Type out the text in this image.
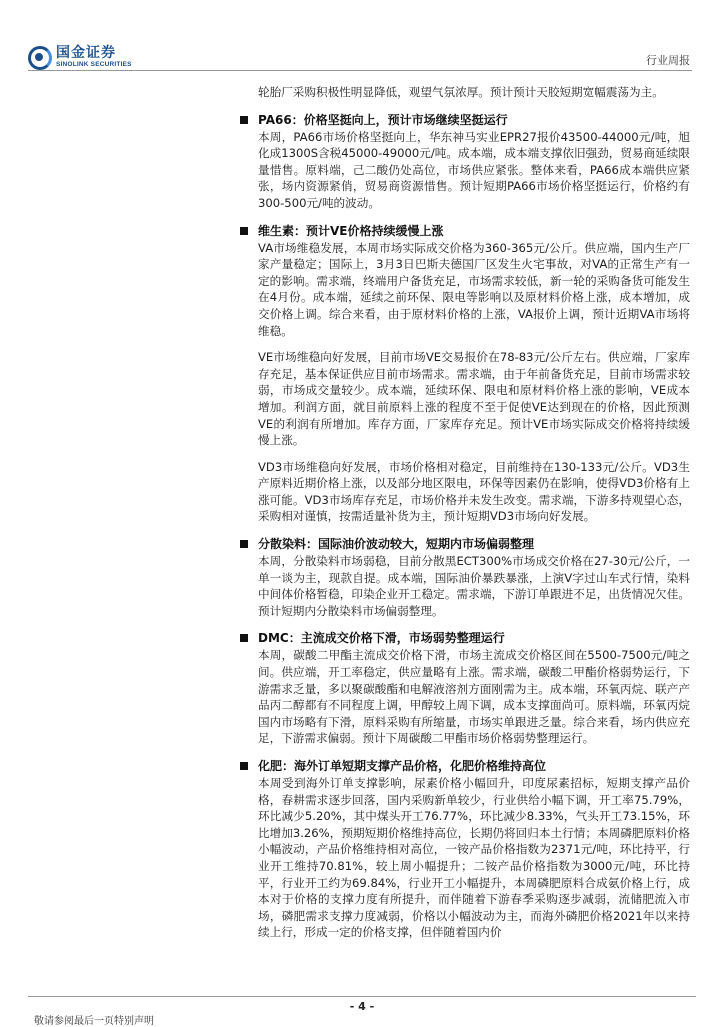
国金证券
SINOLINK SECURITIES	行业周报

轮胎厂采购积极性明显降低，观望气氛浓厚。预计预计天胶短期宽幅震荡为主。

PA66：价格坚挺向上，预计市场继续坚挺运行

本周，PA66市场价格坚挺向上，华东神马实业EPR27报价43500-44000元/吨，旭化成1300S含税45000-49000元/吨。成本端，成本端支撑依旧强劲，贸易商延续限量惜售。原料端，己二酸仍处高位，市场供应紧张。整体来看，PA66成本端供应紧张，场内资源紧俏，贸易商资源惜售。预计短期PA66市场价格坚挺运行，价格约有300-500元/吨的波动。

维生素：预计VE价格持续缓慢上涨

VA市场维稳发展，本周市场实际成交价格为360-365元/公斤。供应端，国内生产厂家产量稳定；国际上，3月3日巴斯夫德国厂区发生火宅事故，对VA的正常生产有一定的影响。需求端，终端用户备货充足，市场需求较低，新一轮的采购备货可能发生在4月份。成本端，延续之前环保、限电等影响以及原材料价格上涨，成本增加，成交价格上调。综合来看，由于原材料价格的上涨，VA报价上调，预计近期VA市场将维稳。

VE市场维稳向好发展，目前市场VE交易报价在78-83元/公斤左右。供应端，厂家库存充足，基本保证供应目前市场需求。需求端，由于年前备货充足，目前市场需求较弱，市场成交量较少。成本端，延续环保、限电和原材料价格上涨的影响，VE成本增加。利润方面，就目前原料上涨的程度不至于促使VE达到现在的价格，因此预测VE的利润有所增加。库存方面，厂家库存充足。预计VE市场实际成交价格将持续缓慢上涨。

VD3市场维稳向好发展，市场价格相对稳定，目前维持在130-133元/公斤。VD3生产原料近期价格上涨，以及部分地区限电，环保等因素仍在影响，使得VD3价格有上涨可能。VD3市场库存充足，市场价格并未发生改变。需求端，下游多持观望心态，采购相对谨慎，按需适量补货为主，预计短期VD3市场向好发展。

分散染料：国际油价波动较大，短期内市场偏弱整理

本周，分散染料市场弱稳，目前分散黑ECT300%市场成交价格在27-30元/公斤，一单一谈为主，现款自提。成本端，国际油价暴跌暴涨，上演V字过山车式行情，染料中间体价格暂稳，印染企业开工稳定。需求端，下游订单跟进不足，出货情况欠佳。预计短期内分散染料市场偏弱整理。

DMC：主流成交价格下滑，市场弱势整理运行

本周，碳酸二甲酯主流成交价格下滑，市场主流成交价格区间在5500-7500元/吨之间。供应端，开工率稳定，供应量略有上涨。需求端，碳酸二甲酯价格弱势运行，下游需求乏量，多以聚碳酸酯和电解液溶剂方面刚需为主。成本端，环氧丙烷、联产产品丙二醇都有不同程度上调，甲醇较上周下调，成本支撑面尚可。原料端，环氧丙烷国内市场略有下滑，原料采购有所缩量，市场实单跟进乏量。综合来看，场内供应充足，下游需求偏弱。预计下周碳酸二甲酯市场价格弱势整理运行。

化肥：海外订单短期支撑产品价格，化肥价格维持高位

本周受到海外订单支撑影响，尿素价格小幅回升，印度尿素招标，短期支撑产品价格，春耕需求逐步回落，国内采购新单较少，行业供给小幅下调，开工率75.79%，环比减少5.20%，其中煤头开工76.77%，环比减少8.33%，气头开工73.15%，环比增加3.26%，预期短期价格维持高位，长期仍将回归本土行情；本周磷肥原料价格小幅波动，产品价格维持相对高位，一铵产品价格指数为2371元/吨，环比持平，行业开工维持70.81%，较上周小幅提升；二铵产品价格指数为3000元/吨，环比持平，行业开工约为69.84%，行业开工小幅提升，本周磷肥原料合成氨价格上行，成本对于价格的支撑力度有所提升，而伴随着下游春季采购逐步减弱，流储肥流入市场，磷肥需求支撑力度减弱，价格以小幅波动为主，而海外磷肥价格2021年以来持续上行，形成一定的价格支撑，但伴随着国内价

- 4 -
敬请参阅最后一页特别声明
